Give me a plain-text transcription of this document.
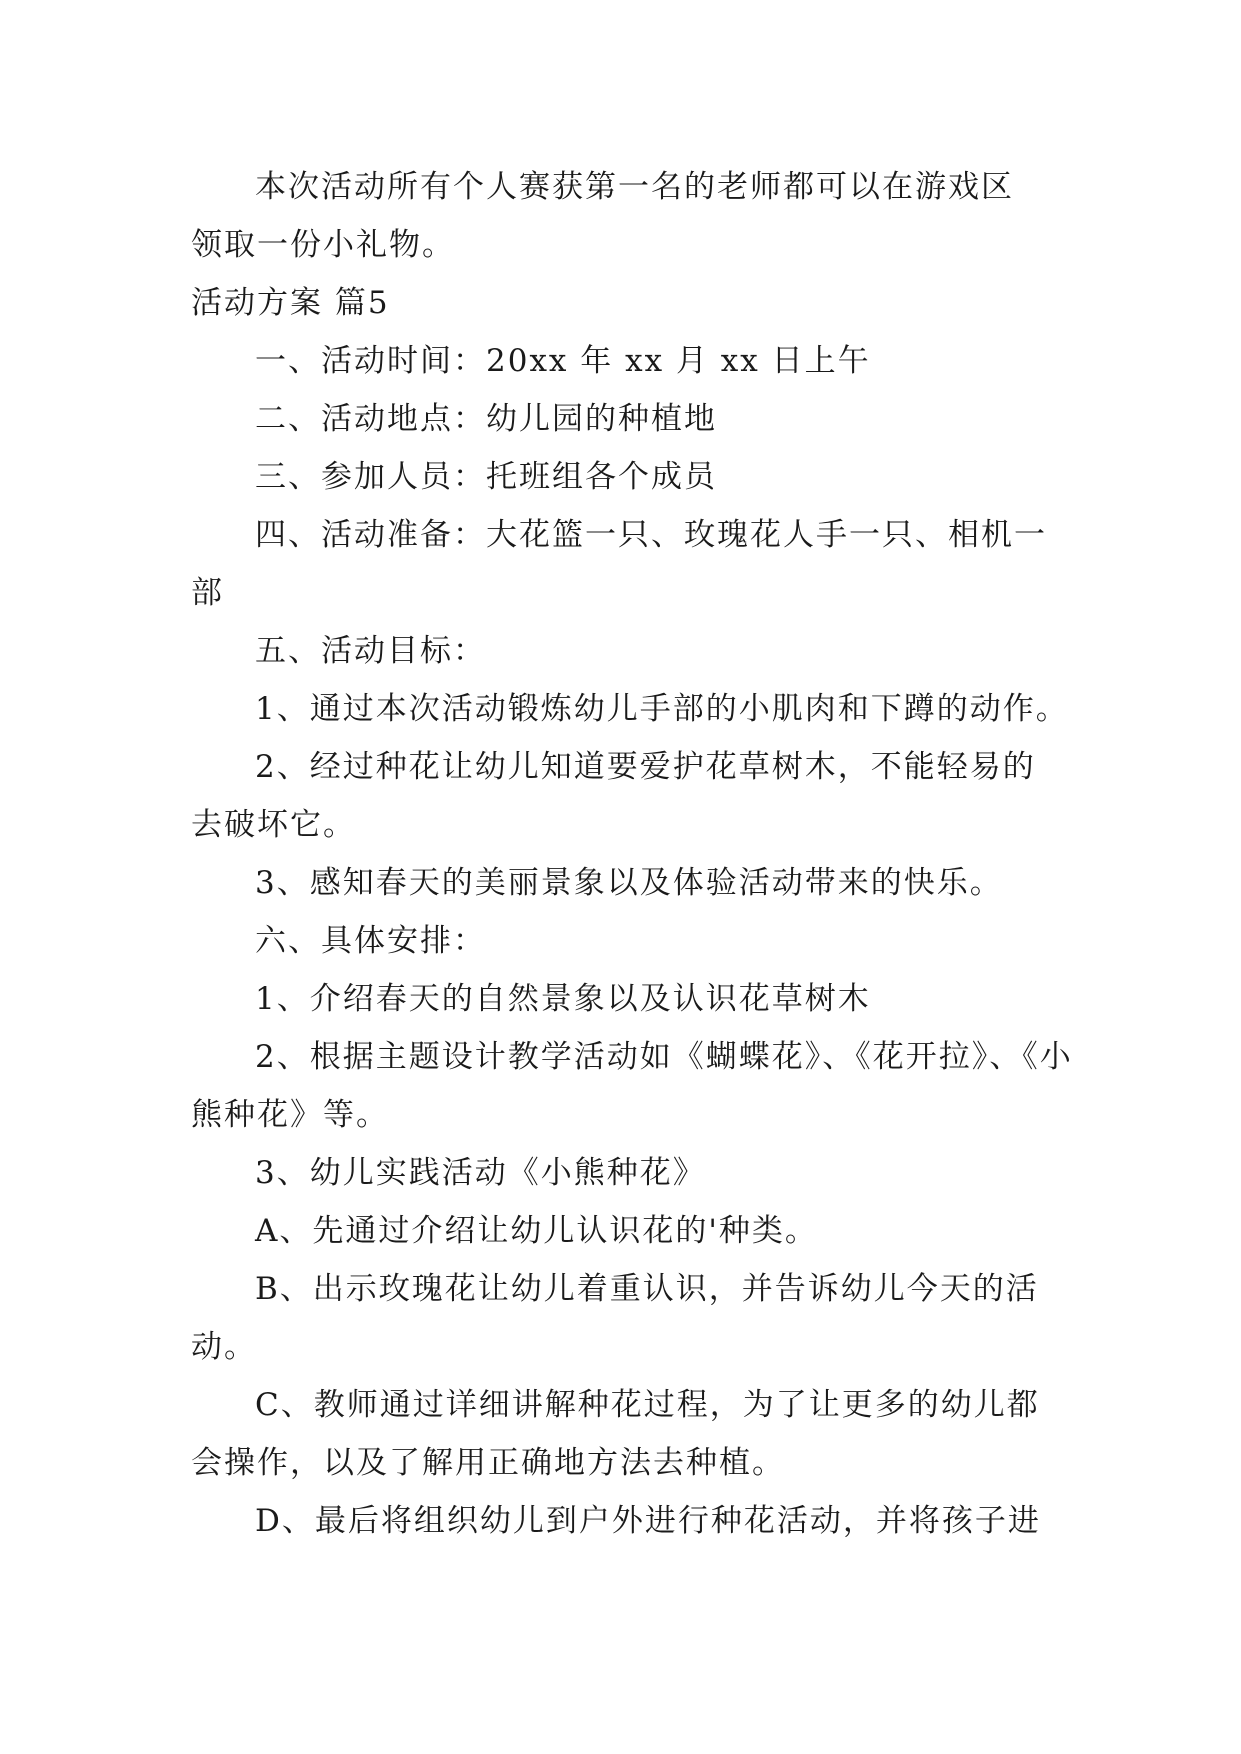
本次活动所有个人赛获第一名的老师都可以在游戏区

领取一份小礼物。

活动方案 篇5

一、活动时间：20xx 年 xx 月 xx 日上午

二、活动地点：幼儿园的种植地

三、参加人员：托班组各个成员

四、活动准备：大花篮一只、玫瑰花人手一只、相机一

部

五、活动目标：

1、通过本次活动锻炼幼儿手部的小肌肉和下蹲的动作。

2、经过种花让幼儿知道要爱护花草树木，不能轻易的

去破坏它。

3、感知春天的美丽景象以及体验活动带来的快乐。

六、具体安排：

1、介绍春天的自然景象以及认识花草树木

2、根据主题设计教学活动如《蝴蝶花》、《花开拉》、《小

熊种花》等。

3、幼儿实践活动《小熊种花》

A、先通过介绍让幼儿认识花的'种类。

B、出示玫瑰花让幼儿着重认识，并告诉幼儿今天的活

动。

C、教师通过详细讲解种花过程，为了让更多的幼儿都

会操作，以及了解用正确地方法去种植。

D、最后将组织幼儿到户外进行种花活动，并将孩子进
